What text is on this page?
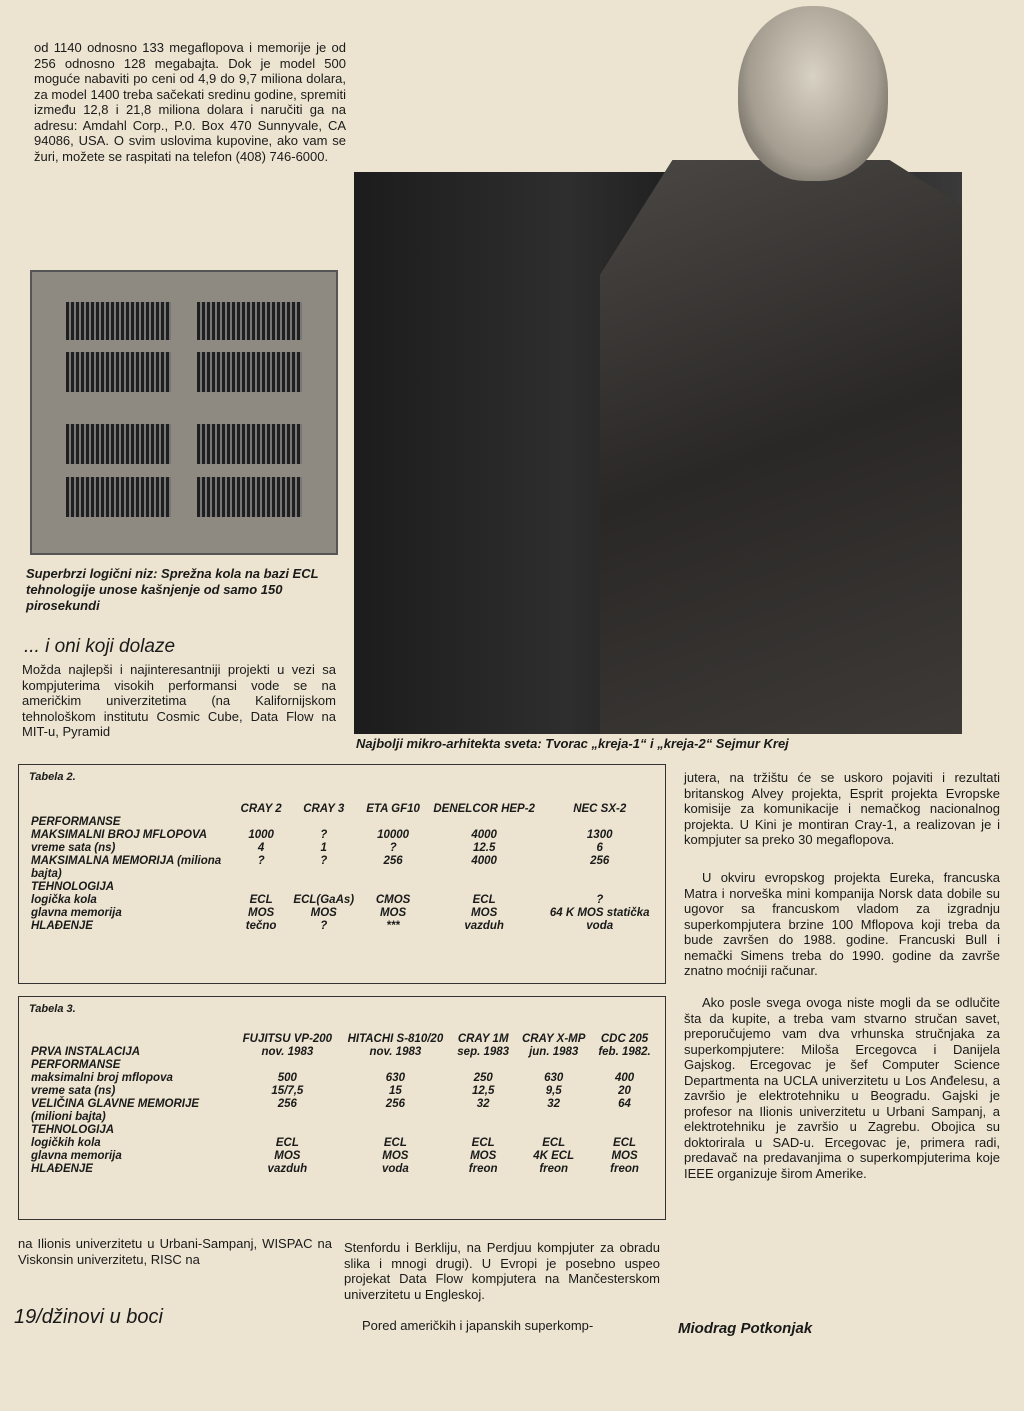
od 1140 odnosno 133 megaflopova i memorije je od 256 odnosno 128 megabajta. Dok je model 500 moguće nabaviti po ceni od 4,9 do 9,7 miliona dolara, za model 1400 treba sačekati sredinu godine, spremiti između 12,8 i 21,8 miliona dolara i naručiti ga na adresu: Amdahl Corp., P.0. Box 470 Sunnyvale, CA 94086, USA. O svim uslovima kupovine, ako vam se žuri, možete se raspitati na telefon (408) 746-6000.
Superbrzi logični niz: Sprežna kola na bazi ECL tehnologije unose kašnjenje od samo 150 pirosekundi
... i oni koji dolaze
Možda najlepši i najinteresantniji projekti u vezi sa kompjuterima visokih performansi vode se na američkim univerzitetima (na Kalifornijskom tehnološkom institutu Cosmic Cube, Data Flow na MIT-u, Pyramid
Najbolji mikro-arhitekta sveta: Tvorac „kreja-1“ i „kreja-2“ Sejmur Krej
Tabela 2.
	CRAY 2	CRAY 3	ETA GF10	DENELCOR HEP-2	NEC SX-2
PERFORMANSE					
MAKSIMALNI BROJ MFLOPOVA	1000	?	10000	4000	1300
vreme sata (ns)	4	1	?	12.5	6
MAKSIMALNA MEMORIJA (miliona bajta)	?	?	256	4000	256
TEHNOLOGIJA					
logička kola	ECL	ECL(GaAs)	CMOS	ECL	?
glavna memorija	MOS	MOS	MOS	MOS	64 K MOS statička
HLAĐENJE	tečno	?	***	vazduh	voda
Tabela 3.
	FUJITSU VP-200	HITACHI S-810/20	CRAY 1M	CRAY X-MP	CDC 205
PRVA INSTALACIJA	nov. 1983	nov. 1983	sep. 1983	jun. 1983	feb. 1982.
PERFORMANSE					
maksimalni broj mflopova	500	630	250	630	400
vreme sata (ns)	15/7,5	15	12,5	9,5	20
VELIČINA GLAVNE MEMORIJE (milioni bajta)	256	256	32	32	64
TEHNOLOGIJA					
logičkih kola	ECL	ECL	ECL	ECL	ECL
glavna memorija	MOS	MOS	MOS	4K ECL	MOS
HLAĐENJE	vazduh	voda	freon	freon	freon
jutera, na tržištu će se uskoro pojaviti i rezultati britanskog Alvey projekta, Esprit projekta Evropske komisije za komunikacije i nemačkog nacionalnog projekta. U Kini je montiran Cray-1, a realizovan je i kompjuter sa preko 30 megaflopova.
U okviru evropskog projekta Eureka, francuska Matra i norveška mini kompanija Norsk data dobile su ugovor sa francuskom vladom za izgradnju superkompjutera brzine 100 Mflopova koji treba da bude završen do 1988. godine. Francuski Bull i nemački Simens treba do 1990. godine da završe znatno moćniji računar.
Ako posle svega ovoga niste mogli da se odlučite šta da kupite, a treba vam stvarno stručan savet, preporučujemo vam dva vrhunska stručnjaka za superkompjutere: Miloša Ercegovca i Danijela Gajskog. Ercegovac je šef Computer Science Departmenta na UCLA univerzitetu u Los Anđelesu, a završio je elektrotehniku u Beogradu. Gajski je profesor na Ilionis univerzitetu u Urbani Sampanj, a elektrotehniku je završio u Zagrebu. Obojica su doktorirala u SAD-u. Ercegovac je, primera radi, predavač na predavanjima o superkompjuterima koje IEEE organizuje širom Amerike.
na Ilionis univerzitetu u Urbani-Sampanj, WISPAC na Viskonsin univerzitetu, RISC na
Stenfordu i Berkliju, na Perdjuu kompjuter za obradu slika i mnogi drugi). U Evropi je posebno uspeo projekat Data Flow kompjutera na Mančesterskom univerzitetu u Engleskoj.
Pored američkih i japanskih superkomp-
19/džinovi u boci
Miodrag Potkonjak
